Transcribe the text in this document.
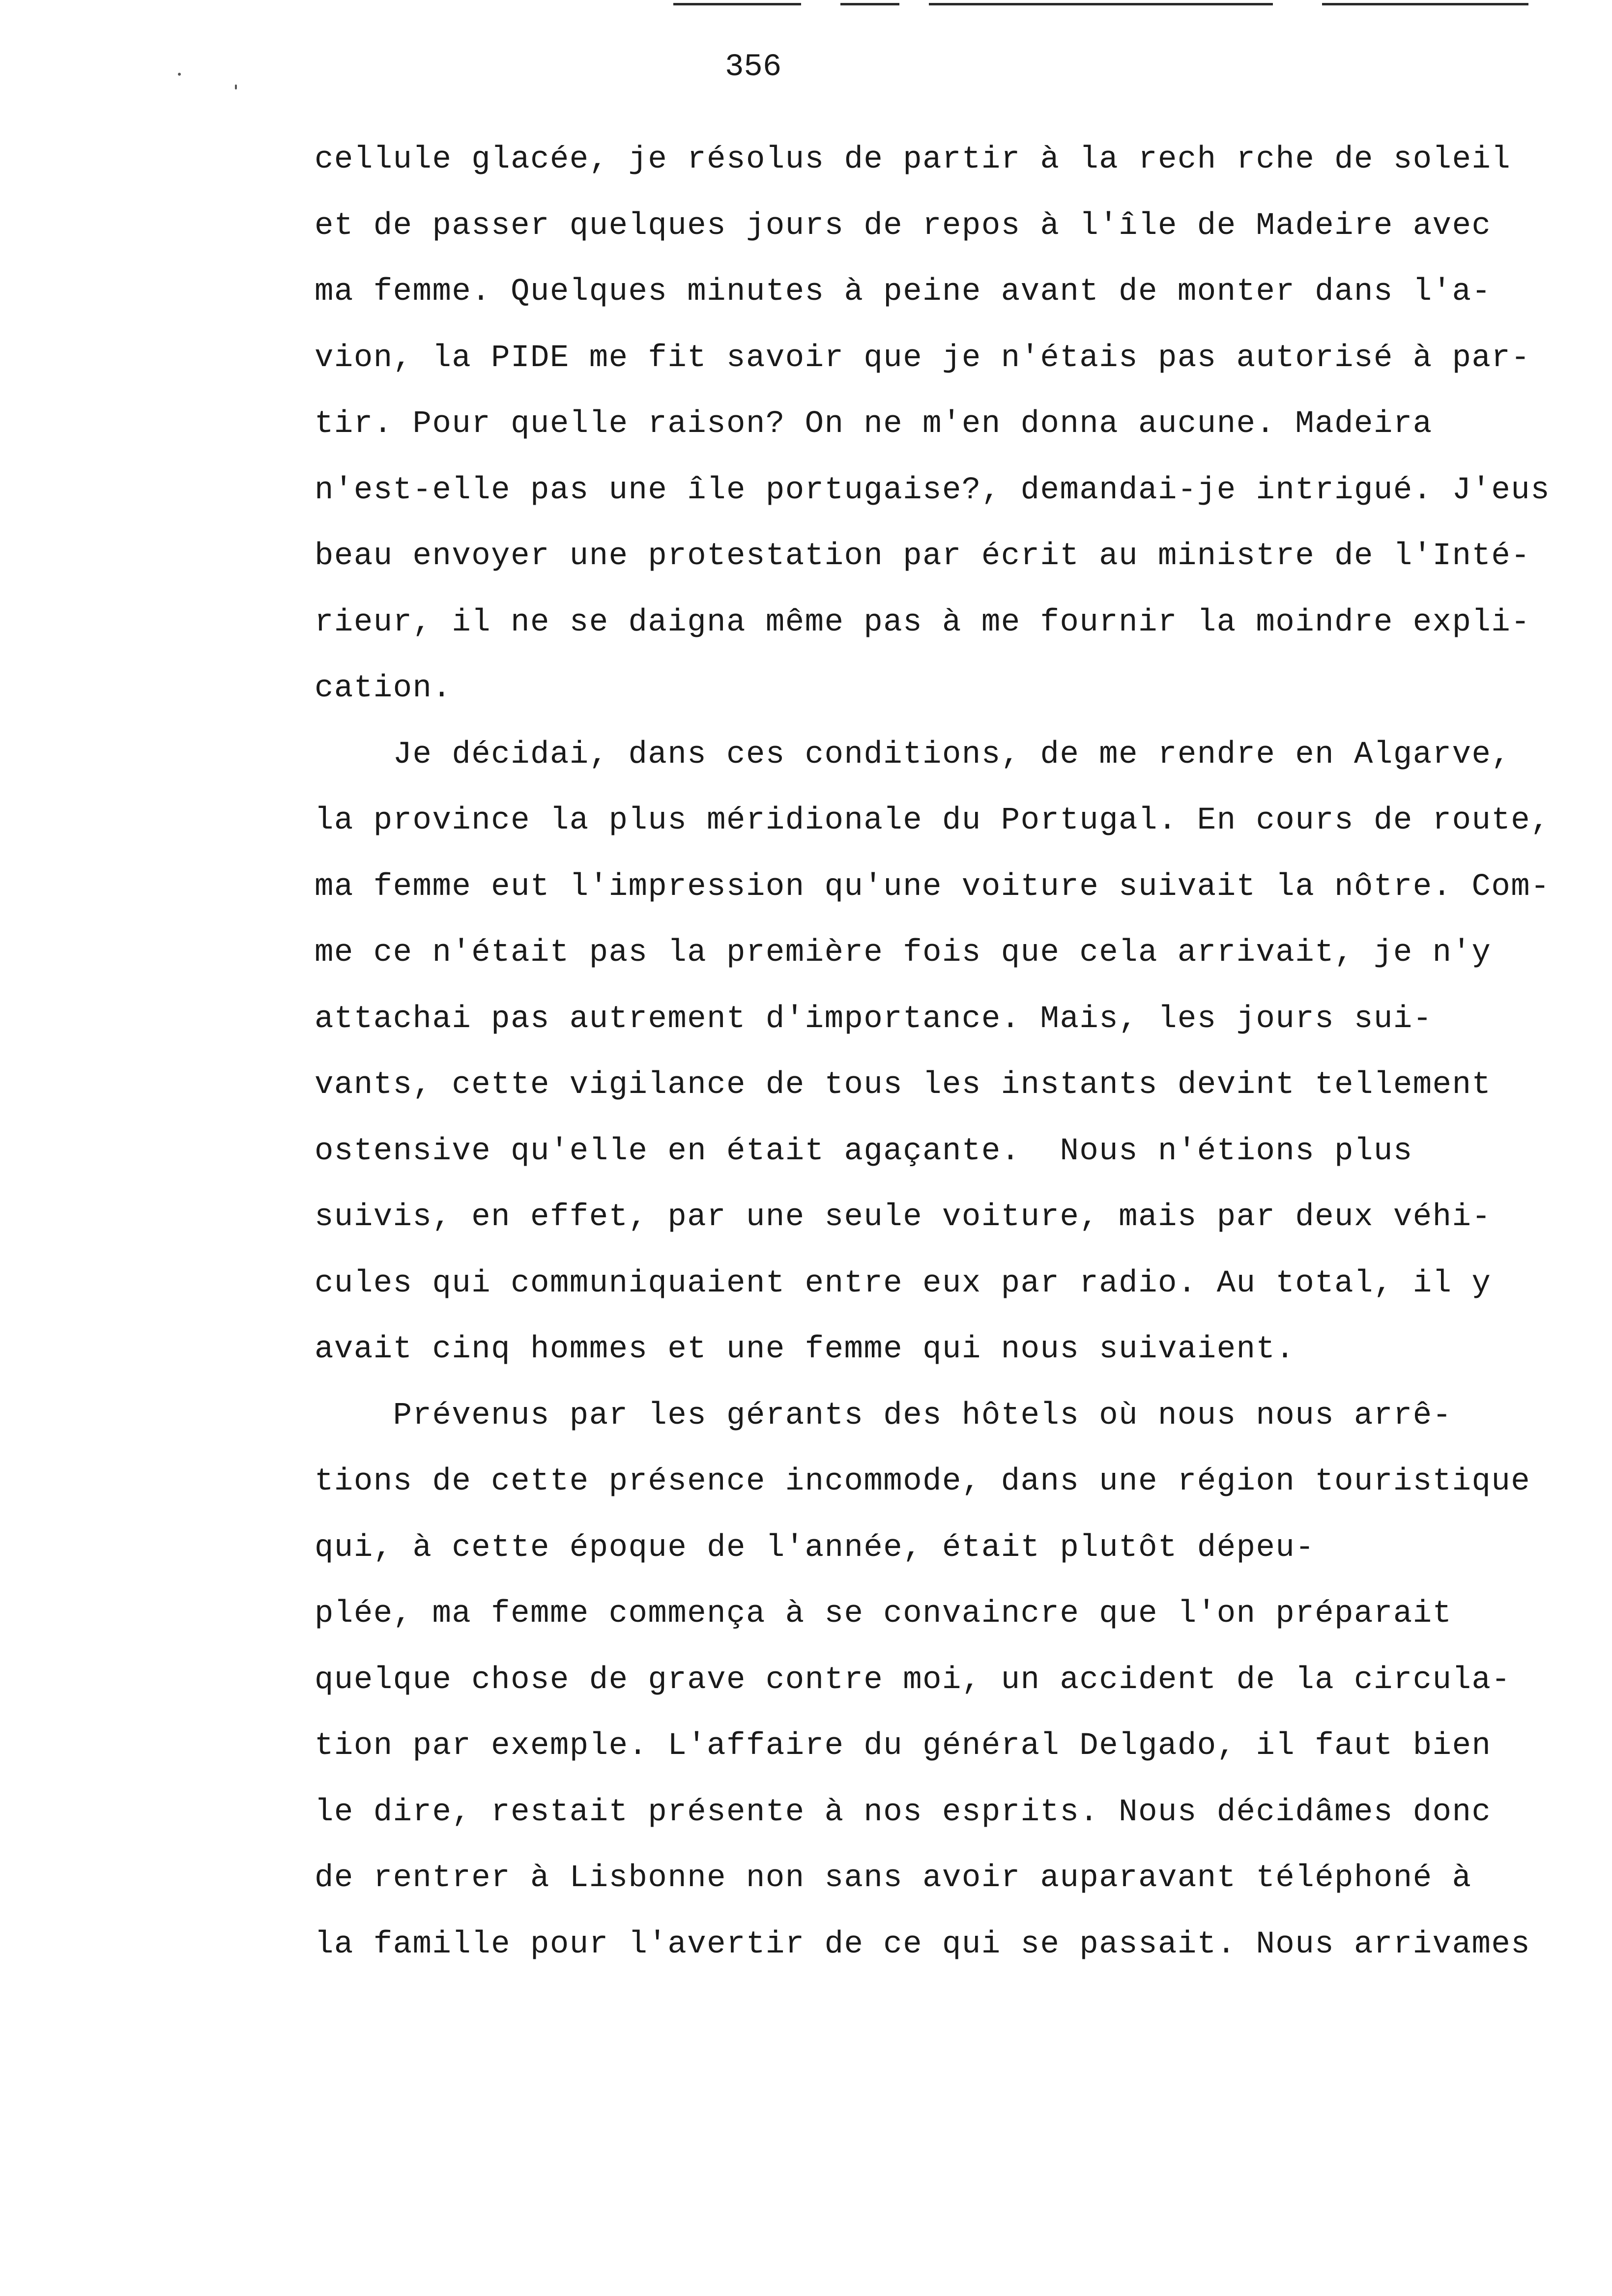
356
cellule glacée, je résolus de partir à la rech rche de soleil
et de passer quelques jours de repos à l'île de Madeire avec
ma femme. Quelques minutes à peine avant de monter dans l'a-
vion, la PIDE me fit savoir que je n'étais pas autorisé à par-
tir. Pour quelle raison? On ne m'en donna aucune. Madeira
n'est-elle pas une île portugaise?, demandai-je intrigué. J'eus
beau envoyer une protestation par écrit au ministre de l'Inté-
rieur, il ne se daigna même pas à me fournir la moindre expli-
cation.
Je décidai, dans ces conditions, de me rendre en Algarve,
la province la plus méridionale du Portugal. En cours de route,
ma femme eut l'impression qu'une voiture suivait la nôtre. Com-
me ce n'était pas la première fois que cela arrivait, je n'y
attachai pas autrement d'importance. Mais, les jours sui-
vants, cette vigilance de tous les instants devint tellement
ostensive qu'elle en était agaçante.  Nous n'étions plus
suivis, en effet, par une seule voiture, mais par deux véhi-
cules qui communiquaient entre eux par radio. Au total, il y
avait cinq hommes et une femme qui nous suivaient.
Prévenus par les gérants des hôtels où nous nous arrê-
tions de cette présence incommode, dans une région touristique
qui, à cette époque de l'année, était plutôt dépeu-
plée, ma femme commença à se convaincre que l'on préparait
quelque chose de grave contre moi, un accident de la circula-
tion par exemple. L'affaire du général Delgado, il faut bien
le dire, restait présente à nos esprits. Nous décidâmes donc
de rentrer à Lisbonne non sans avoir auparavant téléphoné à
la famille pour l'avertir de ce qui se passait. Nous arrivames
